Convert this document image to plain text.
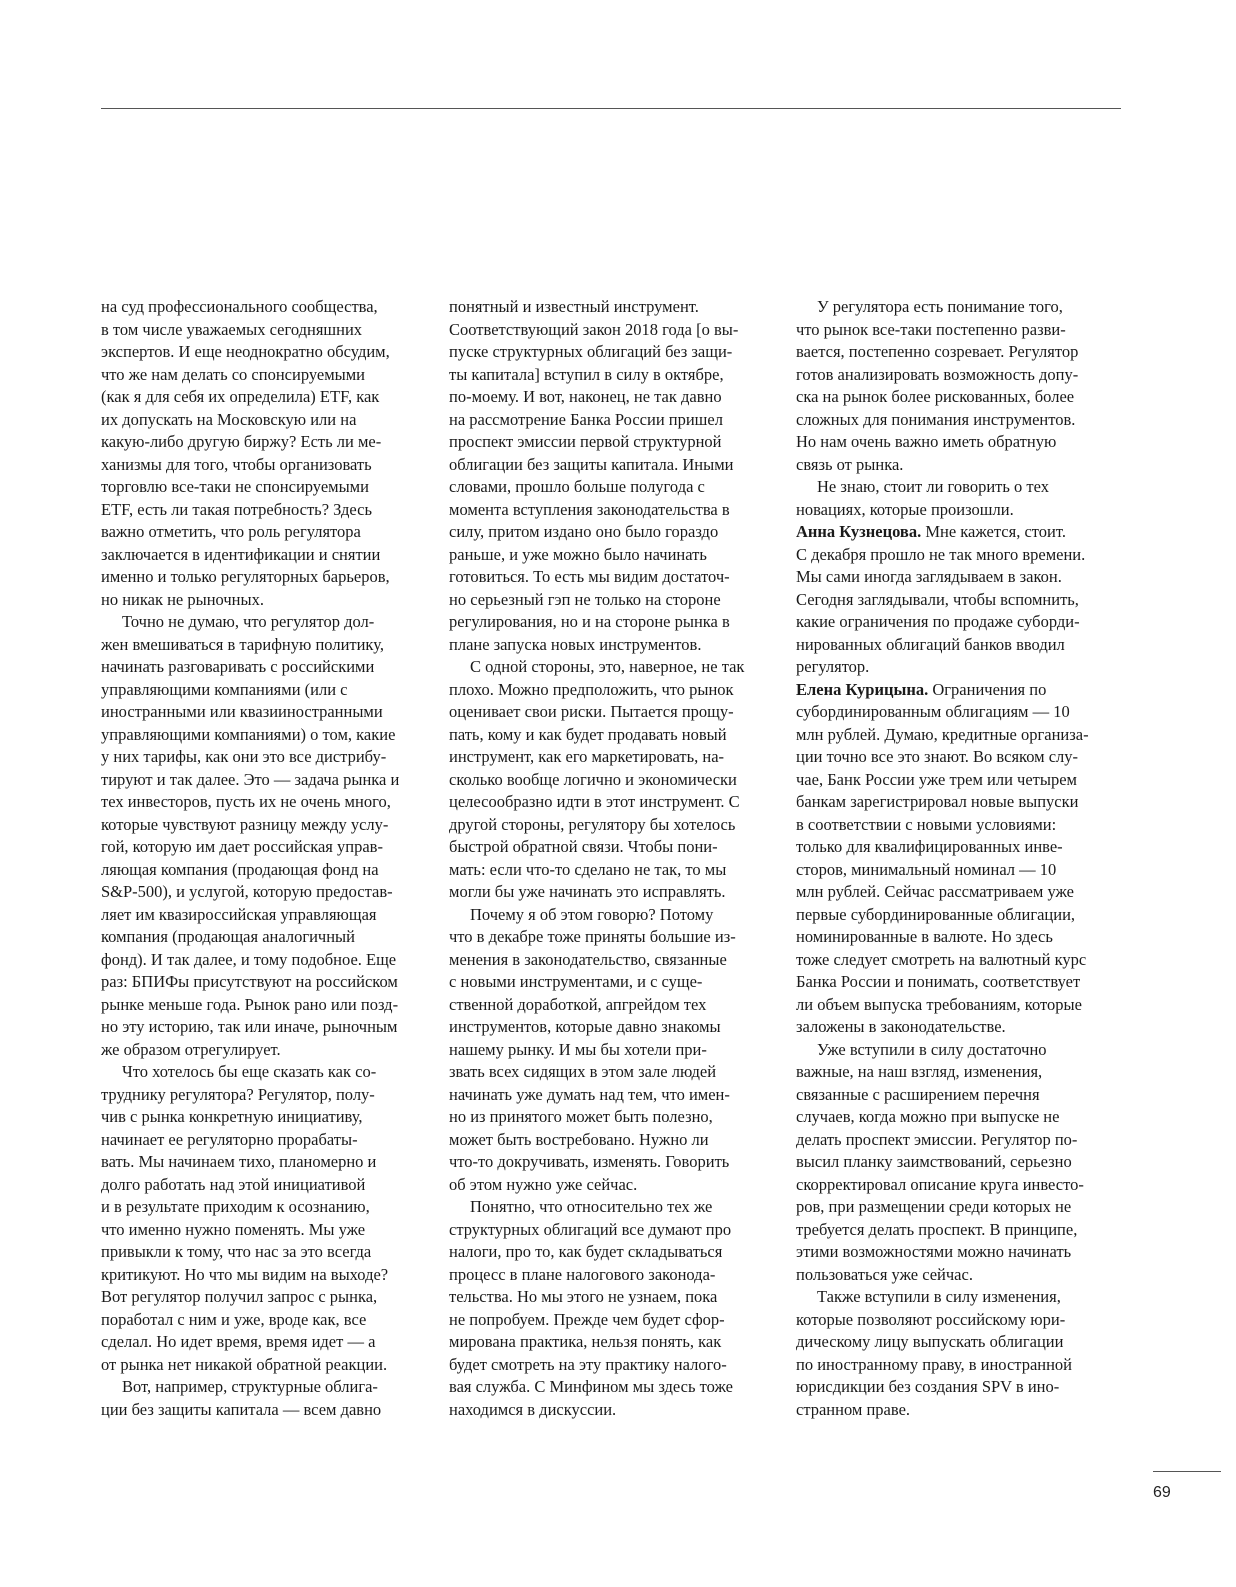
на суд профессионального сообщества,
в том числе уважаемых сегодняшних
экспертов. И еще неоднократно обсудим,
что же нам делать со спонсируемыми
(как я для себя их определила) ETF, как
их допускать на Московскую или на
какую-либо другую биржу? Есть ли ме-
ханизмы для того, чтобы организовать
торговлю все-таки не спонсируемыми
ETF, есть ли такая потребность? Здесь
важно отметить, что роль регулятора
заключается в идентификации и снятии
именно и только регуляторных барьеров,
но никак не рыночных.
Точно не думаю, что регулятор дол-
жен вмешиваться в тарифную политику,
начинать разговаривать с российскими
управляющими компаниями (или с
иностранными или квазииностранными
управляющими компаниями) о том, какие
у них тарифы, как они это все дистрибу-
тируют и так далее. Это — задача рынка и
тех инвесторов, пусть их не очень много,
которые чувствуют разницу между услу-
гой, которую им дает российская управ-
ляющая компания (продающая фонд на
S&P-500), и услугой, которую предостав-
ляет им квазироссийская управляющая
компания (продающая аналогичный
фонд). И так далее, и тому подобное. Еще
раз: БПИФы присутствуют на российском
рынке меньше года. Рынок рано или позд-
но эту историю, так или иначе, рыночным
же образом отрегулирует.
Что хотелось бы еще сказать как со-
труднику регулятора? Регулятор, полу-
чив с рынка конкретную инициативу,
начинает ее регуляторно прорабаты-
вать. Мы начинаем тихо, планомерно и
долго работать над этой инициативой
и в результате приходим к осознанию,
что именно нужно поменять. Мы уже
привыкли к тому, что нас за это всегда
критикуют. Но что мы видим на выходе?
Вот регулятор получил запрос с рынка,
поработал с ним и уже, вроде как, все
сделал. Но идет время, время идет — а
от рынка нет никакой обратной реакции.
Вот, например, структурные облига-
ции без защиты капитала — всем давно
понятный и известный инструмент.
Соответствующий закон 2018 года [о вы-
пуске структурных облигаций без защи-
ты капитала] вступил в силу в октябре,
по-моему. И вот, наконец, не так давно
на рассмотрение Банка России пришел
проспект эмиссии первой структурной
облигации без защиты капитала. Иными
словами, прошло больше полугода с
момента вступления законодательства в
силу, притом издано оно было гораздо
раньше, и уже можно было начинать
готовиться. То есть мы видим достаточ-
но серьезный гэп не только на стороне
регулирования, но и на стороне рынка в
плане запуска новых инструментов.
С одной стороны, это, наверное, не так
плохо. Можно предположить, что рынок
оценивает свои риски. Пытается прощу-
пать, кому и как будет продавать новый
инструмент, как его маркетировать, на-
сколько вообще логично и экономически
целесообразно идти в этот инструмент. С
другой стороны, регулятору бы хотелось
быстрой обратной связи. Чтобы пони-
мать: если что-то сделано не так, то мы
могли бы уже начинать это исправлять.
Почему я об этом говорю? Потому
что в декабре тоже приняты большие из-
менения в законодательство, связанные
с новыми инструментами, и с суще-
ственной доработкой, апгрейдом тех
инструментов, которые давно знакомы
нашему рынку. И мы бы хотели при-
звать всех сидящих в этом зале людей
начинать уже думать над тем, что имен-
но из принятого может быть полезно,
может быть востребовано. Нужно ли
что-то докручивать, изменять. Говорить
об этом нужно уже сейчас.
Понятно, что относительно тех же
структурных облигаций все думают про
налоги, про то, как будет складываться
процесс в плане налогового законода-
тельства. Но мы этого не узнаем, пока
не попробуем. Прежде чем будет сфор-
мирована практика, нельзя понять, как
будет смотреть на эту практику налого-
вая служба. С Минфином мы здесь тоже
находимся в дискуссии.
У регулятора есть понимание того,
что рынок все-таки постепенно разви-
вается, постепенно созревает. Регулятор
готов анализировать возможность допу-
ска на рынок более рискованных, более
сложных для понимания инструментов.
Но нам очень важно иметь обратную
связь от рынка.
Не знаю, стоит ли говорить о тех
новациях, которые произошли.
Анна Кузнецова. Мне кажется, стоит.
С декабря прошло не так много времени.
Мы сами иногда заглядываем в закон.
Сегодня заглядывали, чтобы вспомнить,
какие ограничения по продаже суборди-
нированных облигаций банков вводил
регулятор.
Елена Курицына. Ограничения по
субординированным облигациям — 10
млн рублей. Думаю, кредитные организа-
ции точно все это знают. Во всяком слу-
чае, Банк России уже трем или четырем
банкам зарегистрировал новые выпуски
в соответствии с новыми условиями:
только для квалифицированных инве-
сторов, минимальный номинал — 10
млн рублей. Сейчас рассматриваем уже
первые субординированные облигации,
номинированные в валюте. Но здесь
тоже следует смотреть на валютный курс
Банка России и понимать, соответствует
ли объем выпуска требованиям, которые
заложены в законодательстве.
Уже вступили в силу достаточно
важные, на наш взгляд, изменения,
связанные с расширением перечня
случаев, когда можно при выпуске не
делать проспект эмиссии. Регулятор по-
высил планку заимствований, серьезно
скорректировал описание круга инвесто-
ров, при размещении среди которых не
требуется делать проспект. В принципе,
этими возможностями можно начинать
пользоваться уже сейчас.
Также вступили в силу изменения,
которые позволяют российскому юри-
дическому лицу выпускать облигации
по иностранному праву, в иностранной
юрисдикции без создания SPV в ино-
странном праве.
69
